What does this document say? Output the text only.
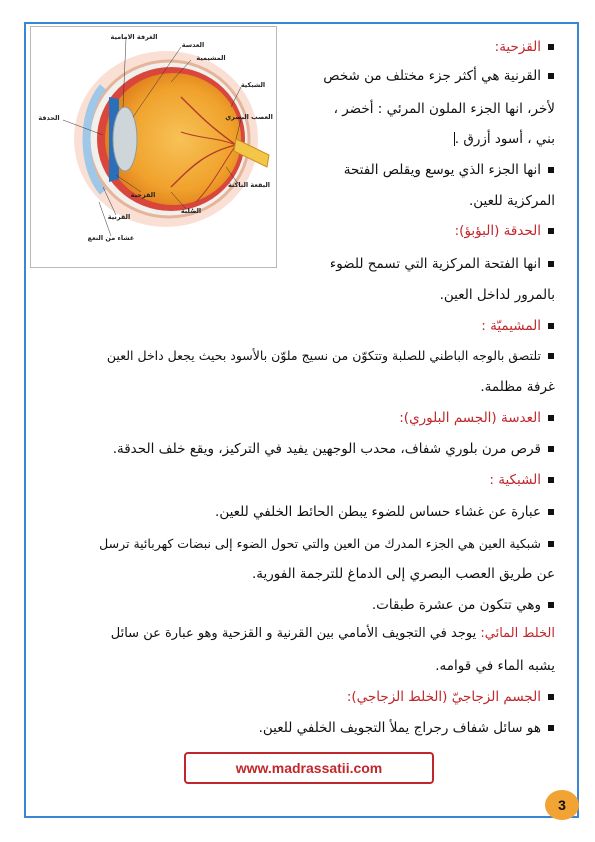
الغرفة الامامية
العدسة
المشيمية
الشبكية
العصب البصري
الحدقة
البقعة الناكنة
القزحية
الصُلبة
القرنية
غشاء من النعع
القزحية:
القرنية هي أكثر جزء مختلف من شخص
لأخر، انها الجزء الملون المرئي : أخضر ،
بني ، أسود أزرق .
انها الجزء الذي يوسع ويقلص الفتحة
المركزية للعين.
الحدقة (البؤبؤ):
انها الفتحة المركزية التي تسمح للضوء
بالمرور لداخل العين.
المشيميّة :
تلتصق بالوجه الباطني للصلبة وتتكوّن من نسيج ملوّن بالأسود بحيث يجعل داخل العين
غرفة مظلمة.
العدسة (الجسم البلوري):
قرص مرن بلوري شفاف، محدب الوجهين يفيد في التركيز، ويقع خلف الحدقة.
الشبكية :
عبارة عن غشاء حساس للضوء يبطن الحائط الخلفي للعين.
شبكية العين هي الجزء المدرك من العين والتي تحول الضوء إلى نبضات كهربائية ترسل
عن طريق العصب البصري إلى الدماغ للترجمة الفورية.
وهي تتكون من عشرة طبقات.
الخلط المائي: يوجد في التجويف الأمامي بين القرنية و القزحية وهو عبارة عن سائل
يشبه الماء في قوامه.
الجسم الزجاجيّ (الخلط الزجاجي):
هو سائل شفاف رجراج يملأ التجويف الخلفي للعين.
www.madrassatii.com
3
